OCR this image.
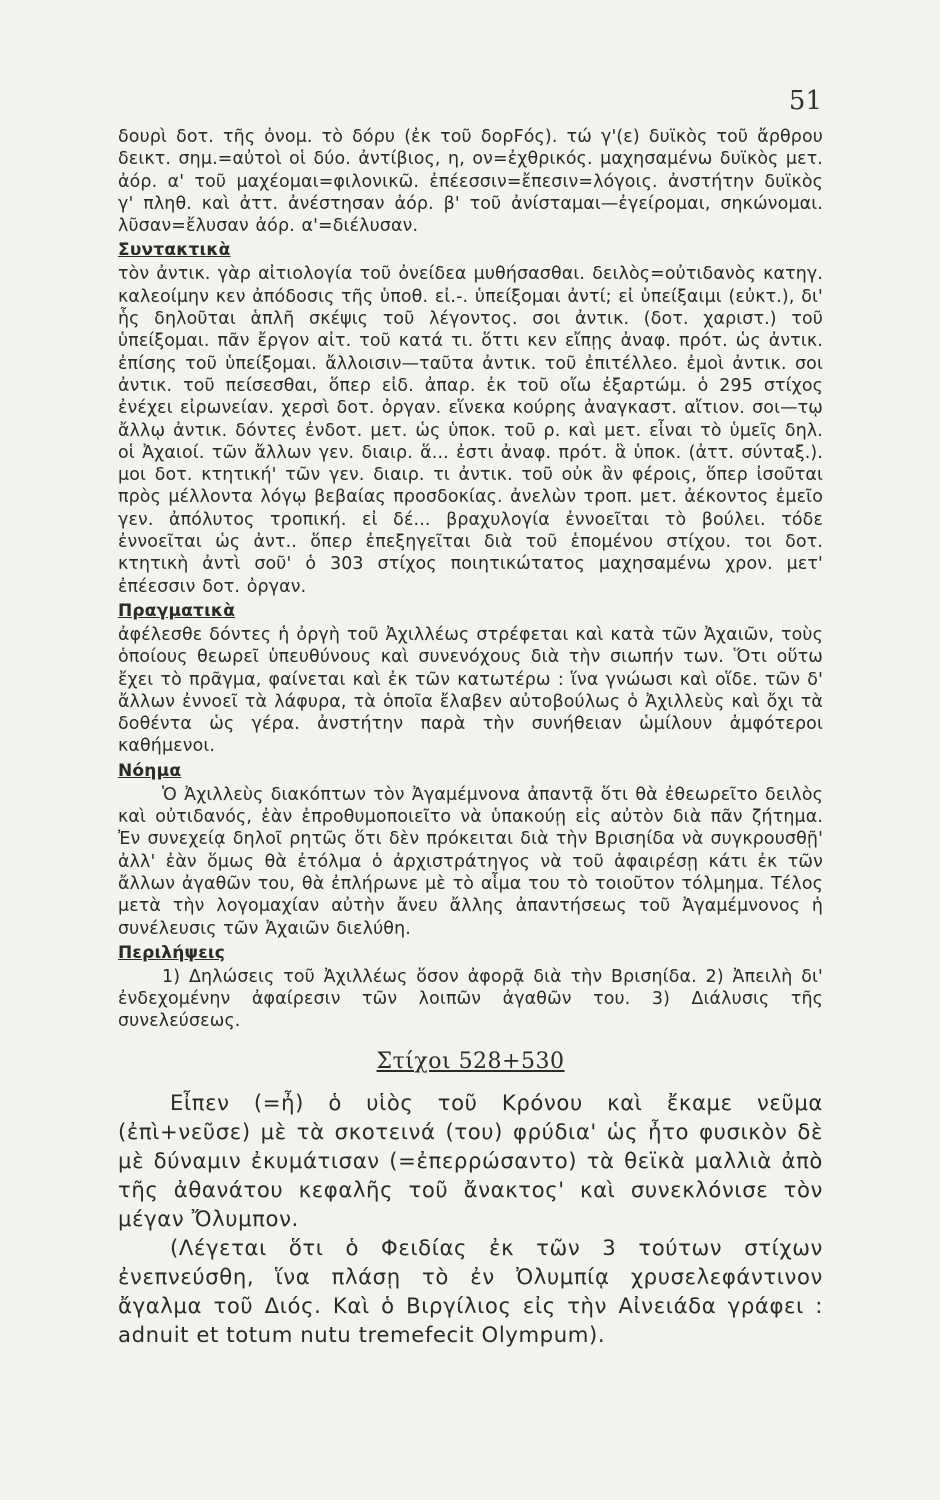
51

δουρὶ δοτ. τῆς ὀνομ. τὸ δόρυ (ἐκ τοῦ δορFός). τώ γ'(ε) δυϊκὸς τοῦ ἄρθρου δεικτ. σημ.=αὐτοὶ οἱ δύο. ἀντίβιος, η, ον=ἐχθρικός. μαχησαμένω δυϊκὸς μετ. ἀόρ. α' τοῦ μαχέομαι=φιλονικῶ. ἐπέεσσιν=ἔπεσιν=λόγοις. ἀνστήτην δυϊκὸς γ' πληθ. καὶ ἀττ. ἀνέστησαν ἀόρ. β' τοῦ ἀνίσταμαι—ἐγείρομαι, σηκώνομαι. λῦσαν=ἔλυσαν ἀόρ. α'=διέλυσαν.

Συντακτικὰ

τὸν ἀντικ. γὰρ αἰτιολογία τοῦ ὀνείδεα μυθήσασθαι. δειλὸς=οὐτιδανὸς κατηγ. καλεοίμην κεν ἀπόδοσις τῆς ὑποθ. εἰ.-. ὑπείξομαι ἀντί; εἰ ὑπείξαιμι (εὐκτ.), δι' ἧς δηλοῦται ἁπλῆ σκέψις τοῦ λέγοντος. σοι ἀντικ. (δοτ. χαριστ.) τοῦ ὑπείξομαι. πᾶν ἔργον αἰτ. τοῦ κατά τι. ὅττι κεν εἴπῃς ἀναφ. πρότ. ὡς ἀντικ. ἐπίσης τοῦ ὑπείξομαι. ἄλλοισιν—ταῦτα ἀντικ. τοῦ ἐπιτέλλεο. ἐμοὶ ἀντικ. σοι ἀντικ. τοῦ πείσεσθαι, ὅπερ εἰδ. ἀπαρ. ἐκ τοῦ οἴω ἐξαρτώμ. ὁ 295 στίχος ἐνέχει εἰρωνείαν. χερσὶ δοτ. ὀργαν. εἵνεκα κούρης ἀναγκαστ. αἴτιον. σοι—τῳ ἄλλῳ ἀντικ. δόντες ἐνδοτ. μετ. ὡς ὑποκ. τοῦ ρ. καὶ μετ. εἶναι τὸ ὑμεῖς δηλ. οἱ Ἀχαιοί. τῶν ἄλλων γεν. διαιρ. ἅ... ἐστι ἀναφ. πρότ. ἃ ὑποκ. (ἀττ. σύνταξ.). μοι δοτ. κτητική' τῶν γεν. διαιρ. τι ἀντικ. τοῦ οὐκ ἂν φέροις, ὅπερ ἰσοῦται πρὸς μέλλοντα λόγῳ βεβαίας προσδοκίας. ἀνελὼν τροπ. μετ. ἀέκοντος ἐμεῖο γεν. ἀπόλυτος τροπική. εἰ δέ... βραχυλογία ἐννοεῖται τὸ βούλει. τόδε ἐννοεῖται ὡς ἀντ.. ὅπερ ἐπεξηγεῖται διὰ τοῦ ἑπομένου στίχου. τοι δοτ. κτητικὴ ἀντὶ σοῦ' ὁ 303 στίχος ποιητικώτατος μαχησαμένω χρον. μετ' ἐπέεσσιν δοτ. ὀργαν.

Πραγματικὰ

ἀφέλεσθε δόντες ἡ ὀργὴ τοῦ Ἀχιλλέως στρέφεται καὶ κατὰ τῶν Ἀχαιῶν, τοὺς ὁποίους θεωρεῖ ὑπευθύνους καὶ συνενόχους διὰ τὴν σιωπήν των. Ὅτι οὕτω ἔχει τὸ πρᾶγμα, φαίνεται καὶ ἐκ τῶν κατωτέρω : ἵνα γνώωσι καὶ οἵδε. τῶν δ' ἄλλων ἐννοεῖ τὰ λάφυρα, τὰ ὁποῖα ἔλαβεν αὐτοβούλως ὁ Ἀχιλλεὺς καὶ ὄχι τὰ δοθέντα ὡς γέρα. ἀνστήτην παρὰ τὴν συνήθειαν ὡμίλουν ἀμφότεροι καθήμενοι.

Νόημα

Ὁ Ἀχιλλεὺς διακόπτων τὸν Ἀγαμέμνονα ἀπαντᾷ ὅτι θὰ ἐθεωρεῖτο δειλὸς καὶ οὐτιδανός, ἐὰν ἐπροθυμοποιεῖτο νὰ ὑπακούῃ εἰς αὐτὸν διὰ πᾶν ζήτημα. Ἐν συνεχείᾳ δηλοῖ ρητῶς ὅτι δὲν πρόκειται διὰ τὴν Βρισηίδα νὰ συγκρουσθῇ' ἀλλ' ἐὰν ὅμως θὰ ἐτόλμα ὁ ἀρχιστράτηγος νὰ τοῦ ἀφαιρέσῃ κάτι ἐκ τῶν ἄλλων ἀγαθῶν του, θὰ ἐπλήρωνε μὲ τὸ αἷμα του τὸ τοιοῦτον τόλμημα. Τέλος μετὰ τὴν λογομαχίαν αὐτὴν ἄνευ ἄλλης ἀπαντήσεως τοῦ Ἀγαμέμνονος ἡ συνέλευσις τῶν Ἀχαιῶν διελύθη.

Περιλήψεις

1) Δηλώσεις τοῦ Ἀχιλλέως ὅσον ἀφορᾷ διὰ τὴν Βρισηίδα. 2) Ἀπειλὴ δι' ἐνδεχομένην ἀφαίρεσιν τῶν λοιπῶν ἀγαθῶν του. 3) Διάλυσις τῆς συνελεύσεως.

Στίχοι 528+530

Εἶπεν (=ἦ) ὁ υἱὸς τοῦ Κρόνου καὶ ἔκαμε νεῦμα (ἐπὶ+νεῦσε) μὲ τὰ σκοτεινά (του) φρύδια' ὡς ἦτο φυσικὸν δὲ μὲ δύναμιν ἐκυμάτισαν (=ἐπερρώσαντο) τὰ θεϊκὰ μαλλιὰ ἀπὸ τῆς ἀθανάτου κεφαλῆς τοῦ ἄνακτος' καὶ συνεκλόνισε τὸν μέγαν Ὄλυμπον.

(Λέγεται ὅτι ὁ Φειδίας ἐκ τῶν 3 τούτων στίχων ἐνεπνεύσθη, ἵνα πλάσῃ τὸ ἐν Ὀλυμπίᾳ χρυσελεφάντινον ἄγαλμα τοῦ Διός. Καὶ ὁ Βιργίλιος εἰς τὴν Αἰνειάδα γράφει : adnuit et totum nutu tremefecit Olympum).
